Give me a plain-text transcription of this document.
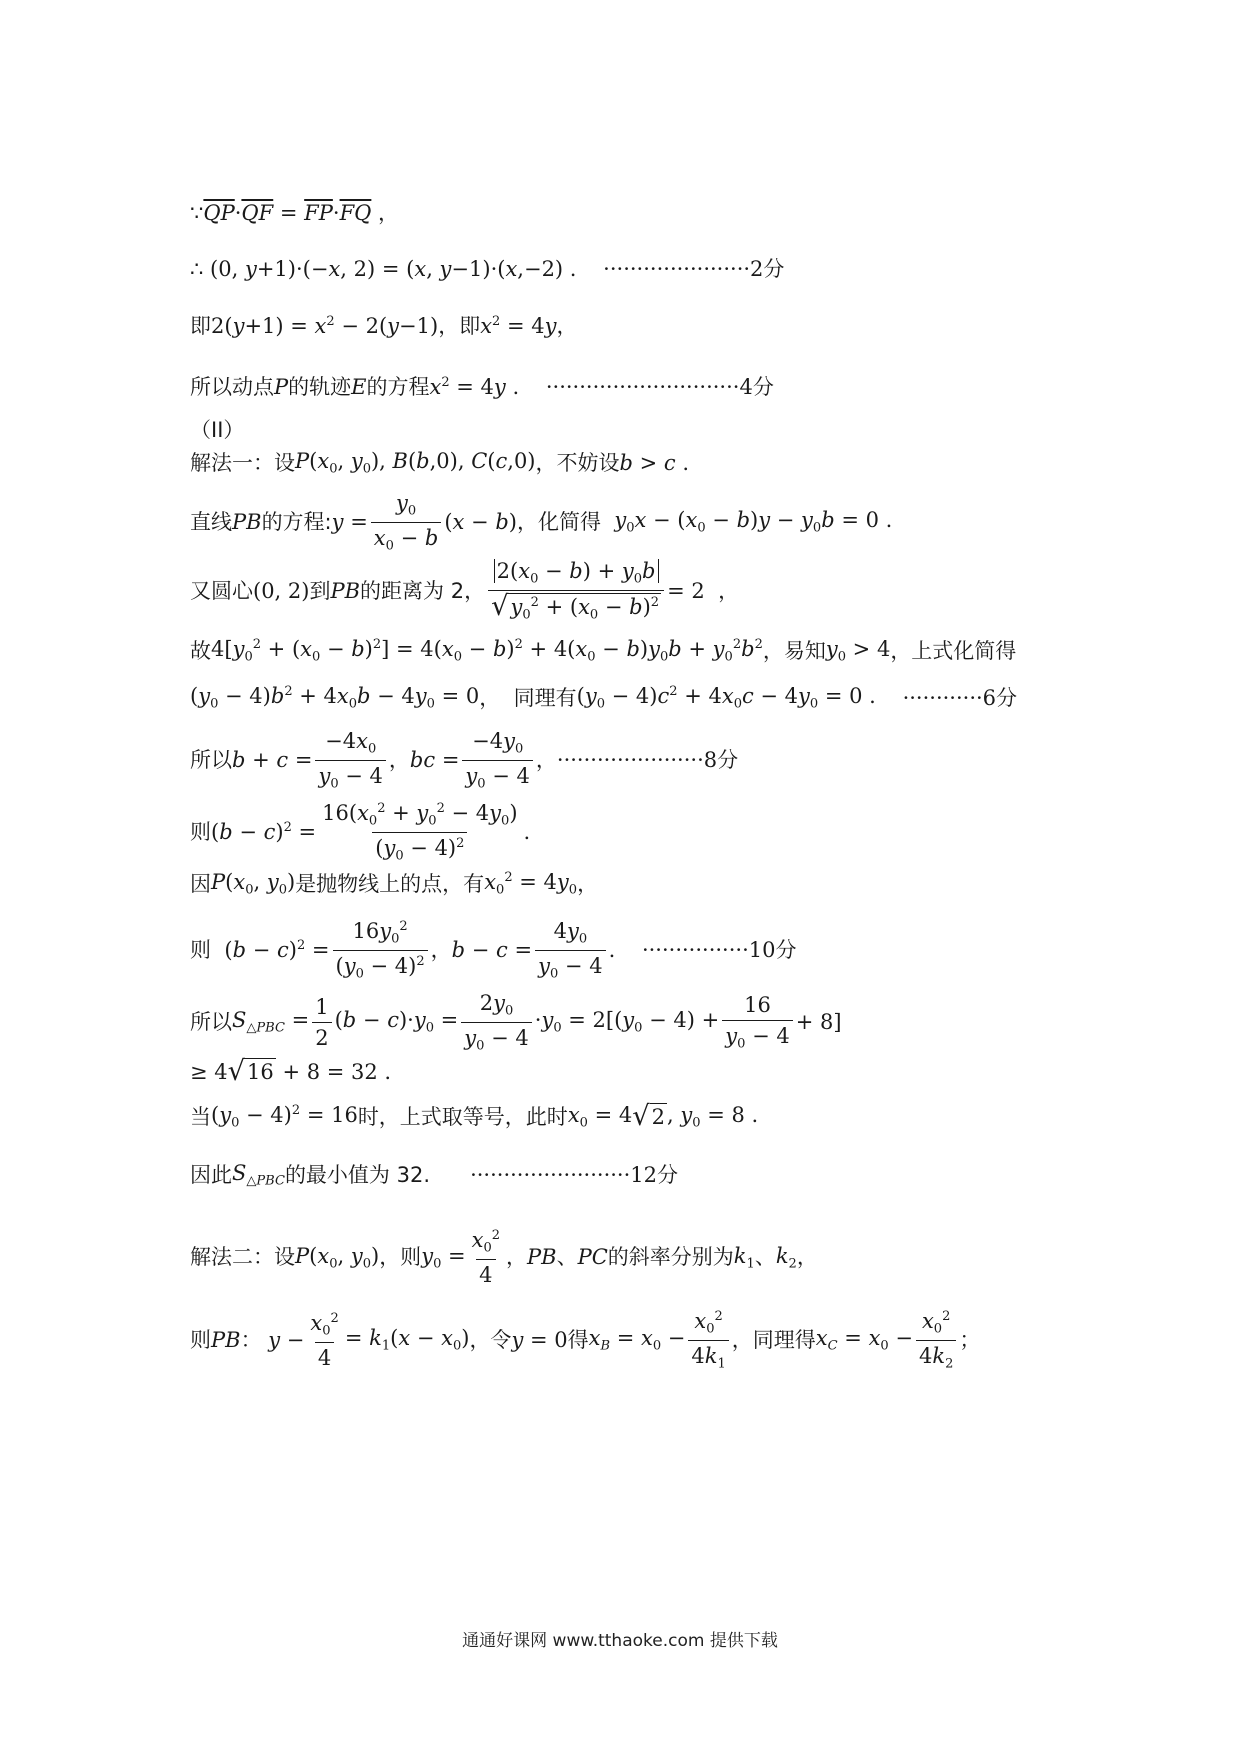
∵ $\overline{QP} \cdot \overline{QF} = \overline{FP} \cdot \overline{FQ}$ ，
∴ (0, y+1)·(−x, 2) = (x, y−1)·(x,−2) . ······················2 分
即 $2(y+1) = x^2 - 2(y-1)$ ，即 $x^2 = 4y$ ，
所以动点 P 的轨迹 E 的方程 $x^2 = 4y$ . ·····························4 分
（II）
解法一：设 $P(x_0$, $y_0$), B(b,0), C(c,0) ，不妨设 b > c .
直线 PB 的方程: $y = \frac{y_0}{x_0 - b} (x - b)$ ，化简得 $y_0x - (x_0 - b)y - y_0b = 0$ .
又圆心 (0, 2) 到 PB 的距离为 2， $\frac{2(x_0 - b) + y_0b}{√ y_0^2 + (x_0 - b)^2} = 2$ ，
故 $4[y_0^2 + (x_0 - b)^2] = 4(x_0 - b)^2 + 4(x_0 - b)y_0b + y_0^2b^2$ ，易知 $y_0 > 4$ ，上式化简得
$(y_0 - 4)b^2 + 4x_0b - 4y_0 = 0$ ，  同理有 $(y_0 - 4)c^2 + 4x_0c - 4y_0 = 0$ . ············6 分
所以 $b + c = \frac{-4x_0}{y_0 - 4}$ ， bc = $\frac{-4y_0}{y_0 - 4}$ ， ······················8 分
则 $(b - c)^2 = \frac{16(x_0^2 + y_0^2 - 4y_0)}{(y_0 - 4)^2}$ .
因 $P(x_0$, $y_0$) 是抛物线上的点，有 $x_0^2 = 4y_0$ ，
则 $(b - c)^2 = \frac{16y_0^2}{(y_0 - 4)^2}$ ， $b - c = \frac{4y_0}{y_0 - 4}$ . ················10 分
所以 $S_{\triangle PBC} = \frac{1}{2} (b - c)\cdot y_0 = \frac{2y_0}{y_0 - 4} \cdot y_0 = 2[(y_0 - 4) + \frac{16}{y_0 - 4} + 8]$
≥ 4 √ 16 + 8 = 32 .
当 $(y_0 - 4)^2 = 16$ 时，上式取等号，此时 $x_0 = 4$ √ 2 , $y_0 = 8$ .
因此 $S_{\triangle PBC}$ 的最小值为 32. ························12 分
解法二：设 $P(x_0$, $y_0$) ，则 $y_0 = \frac{x_0^2}{4}$ ， PB 、 PC 的斜率分别为 $k_1$ 、 $k_2$ ，
则 PB ： $y - \frac{x_0^2}{4} = k_1(x - x_0)$ ，令 y = 0 得 $x_B = x_0 - \frac{x_0^2}{4k_1}$ ，同理得 $x_C = x_0 - \frac{x_0^2}{4k_2}$ ；
通通好课网 www.tthaoke.com 提供下载
